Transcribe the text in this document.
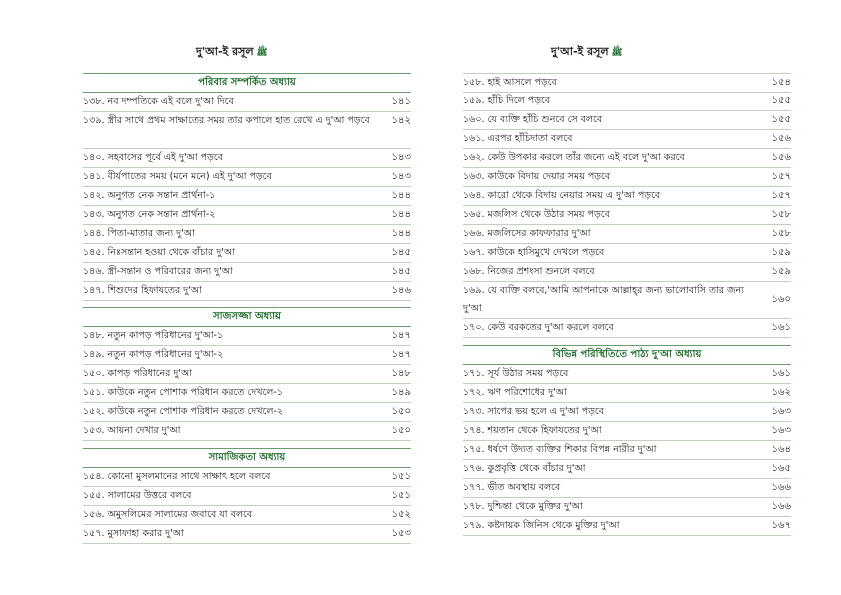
দু'আ-ই রসূল ﷺ
পরিবার সম্পর্কিত অধ্যায়
১৩৮. নব দম্পতিকে এই বলে দু'আ দিবে	১৪১
১৩৯. স্ত্রীর সাথে প্রথম সাক্ষাতের সময় তার কপালে হাত রেখে এ দু'আ পড়বে	১৪২
১৪০. সহবাসের পূর্বে এই দু'আ পড়বে	১৪৩
১৪১. বীর্যপাতের সময় (মনে মনে) এই দু'আ পড়বে	১৪৩
১৪২. অনুগত নেক সন্তান প্রার্থনা-১	১৪৪
১৪৩. অনুগত নেক সন্তান প্রার্থনা-২	১৪৪
১৪৪. পিতা-মাতার জন্য দু'আ	১৪৪
১৪৫. নিঃসন্তান হওয়া থেকে বাঁচার দু'আ	১৪৫
১৪৬. স্ত্রী-সন্তান ও পরিবারের জন্য দু'আ	১৪৫
১৪৭. শিশুদের হিফাযতের দু'আ	১৪৬
সাজসজ্জা অধ্যায়
১৪৮. নতুন কাপড় পরিধানের দু'আ-১	১৪৭
১৪৯. নতুন কাপড় পরিধানের দু'আ-২	১৪৭
১৫০. কাপড় পরিধানের দু'আ	১৪৮
১৫১. কাউকে নতুন পোশাক পরিধান করতে দেখলে-১	১৪৯
১৫২. কাউকে নতুন পোশাক পরিধান করতে দেখলে-২	১৫০
১৫৩. আয়না দেখার দু'আ	১৫০
সামাজিকতা অধ্যায়
১৫৪. কোনো মুসলমানের সাথে সাক্ষাৎ হলে বলবে	১৫১
১৫৫. সালামের উত্তরে বলবে	১৫১
১৫৬. অমুসলিমের সালামের জবাবে যা বলবে	১৫২
১৫৭. মুসাফাহা করার দু'আ	১৫৩
দু'আ-ই রসূল ﷺ
১৫৮. হাই আসলে পড়বে	১৫৪
১৫৯. হাঁচি দিলে পড়বে	১৫৫
১৬০. যে ব্যক্তি হাঁচি শুনবে সে বলবে	১৫৫
১৬১. এরপর হাঁচিদাতা বলবে	১৫৬
১৬২. কেউ উপকার করলে তাঁর জন্যে এই বলে দু'আ করবে	১৫৬
১৬৩. কাউকে বিদায় দেয়ার সময় পড়বে	১৫৭
১৬৪. কারো থেকে বিদায় নেয়ার সময় এ দু'আ পড়বে	১৫৭
১৬৫. মজলিস থেকে উঠার সময় পড়বে	১৫৮
১৬৬. মজলিসের কাফফারার দু'আ	১৫৮
১৬৭. কাউকে হাসিমুখে দেখলে পড়বে	১৫৯
১৬৮. নিজের প্রশংসা শুনলে বলবে	১৫৯
১৬৯. যে ব্যক্তি বলবে,'আমি আপনাকে আল্লাহ্‌র জন্য ভালোবাসি তার জন্য দু'আ
১৬০
১৭০. কেউ বরকতের দু'আ করলে বলবে	১৬১
বিভিন্ন পরিস্থিতিতে পাঠ্য দু'আ অধ্যায়
১৭১. সূর্য উঠার সময় পড়বে	১৬১
১৭২. ঋণ পরিশোধের দু'আ	১৬২
১৭৩. সাপের ভয় হলে এ দু'আ পড়বে	১৬৩
১৭৪. শয়তান থেকে হিফাযতের দু'আ	১৬৩
১৭৫. ধর্ষণে উদ্যত ব্যক্তির শিকার বিপন্ন নারীর দু'আ	১৬৪
১৭৬. কুপ্রবৃত্তি থেকে বাঁচার দু'আ	১৬৫
১৭৭. ভীত অবস্থায় বলবে	১৬৬
১৭৮. দুশ্চিন্তা থেকে মুক্তির দু'আ	১৬৬
১৭৯. কষ্টদায়ক জিনিস থেকে মুক্তির দু'আ	১৬৭
